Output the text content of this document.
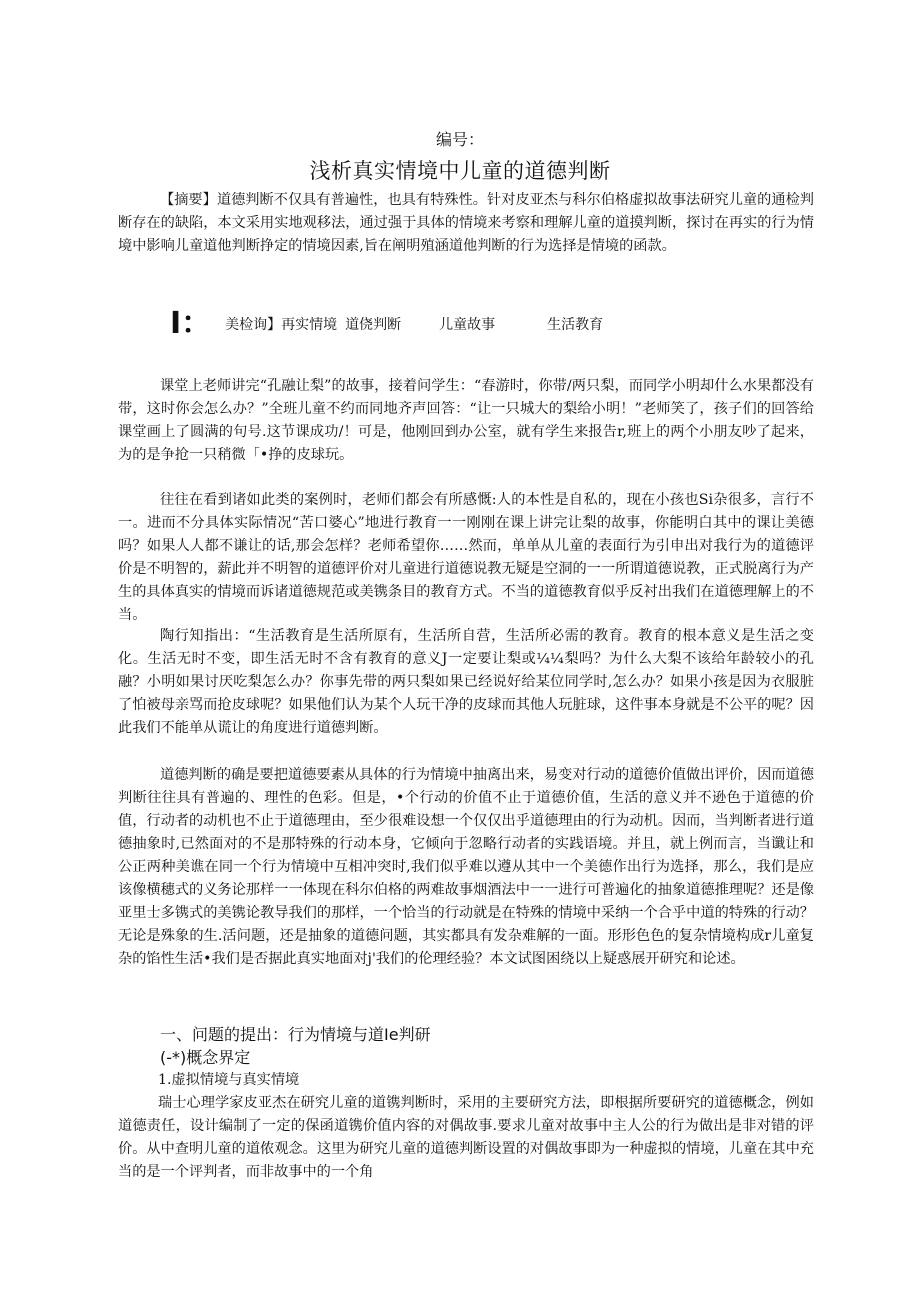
编号：
浅析真实情境中儿童的道德判断

【摘要】道德判断不仅具有普遍性，也具有特殊性。针对皮亚杰与科尔伯格虚拟故事法研究儿童的通检判断存在的缺陷，本文采用实地观移法，通过强于具体的情境来考察和理解儿童的道摸判断，探讨在再实的行为情境中影响儿童道他判断挣定的情境因素,旨在阐明殖涵道他判断的行为选择是情境的函款。

I： 美检询】再实情境 道侥判断	儿童故事	生活教育

课堂上老师讲完“孔融让梨”的故事，接着问学生：“春游时，你带/两只梨，而同学小明却什么水果都没有带，这时你会怎么办？”全班儿童不约而同地齐声回答：“让一只城大的梨给小明！”老师笑了，孩子们的回答给课堂画上了圆满的句号.这节课成功/！可是，他刚回到办公室，就有学生来报告r,班上的两个小朋友吵了起来，为的是争抢一只稍微「•挣的皮球玩。

往往在看到诸如此类的案例时，老师们都会有所感慨:人的本性是自私的，现在小孩也Si杂很多，言行不一。进而不分具体实际情况“苦口婆心”地进行教育一一刚刚在课上讲完让梨的故事，你能明白其中的课让美德吗？如果人人都不谦让的话,那会怎样？老师希望你……然而，单单从儿童的表面行为引申出对我行为的道德评价是不明智的，薪此并不明智的道德评价对儿童进行道德说教无疑是空洞的一一所谓道德说教，正式脱离行为产生的具体真实的情境而诉诸道德规范或美镌条目的教育方式。不当的道德教育似乎反衬出我们在道德理解上的不当。

陶行知指出：“生活教育是生活所原有，生活所自营，生活所必需的教育。教育的根本意义是生活之变化。生活无时不变，即生活无时不含有教育的意义J一定要让梨或¼¼梨吗？为什么大梨不该给年龄较小的孔融？小明如果讨厌吃梨怎么办？你事先带的两只梨如果已经说好给某位同学时,怎么办？如果小孩是因为衣服脏了怕被母亲骂而抢皮球呢？如果他们认为某个人玩干净的皮球而其他人玩脏球，这件事本身就是不公平的呢？因此我们不能单从谎让的角度进行道德判断。

道德判断的确是要把道德要素从具体的行为情境中抽离出来，易变对行动的道德价值做出评价，因而道德判断往往具有普遍的、理性的色彩。但是，•个行动的价值不止于道德价值，生活的意义并不逊色于道德的价值，行动者的动机也不止于道德理由，至少很难设想一个仅仅出乎道德理由的行为动机。因而，当判断者进行道德抽象时,已然面对的不是那特殊的行动本身，它倾向于忽略行动者的实践语境。并且，就上例而言，当谶让和公正两种美谯在同一个行为情境中互相冲突时,我们似乎难以遵从其中一个美德作出行为选择，那么，我们是应该像横穗式的义务论那样一一体现在科尔伯格的两难故事烟酒法中一一进行可普遍化的抽象道德推理呢？还是像亚里士多镌式的美镌论教导我们的那样，一个恰当的行动就是在特殊的情境中采纳一个合乎中道的特殊的行动？无论是殊象的生.活问题，还是抽象的道德问题，其实都具有发杂难解的一面。形形色色的复杂情境构成r儿童复杂的馅性生活•我们是否据此真实地面对j'我们的伦理经验？本文试图困绕以上疑惑展开研究和论述。

一、问题的提出：行为情境与道Ie判研
(-*)概念界定
1.虚拟情境与真实情境

瑞士心理学家皮亚杰在研究儿童的道镌判断时，采用的主要研究方法，即根据所要研究的道德概念，例如道德责任，设计编制了一定的保函道镌价值内容的对偶故事.要求儿童对故事中主人公的行为做出是非对错的评价。从中查明儿童的道侬观念。这里为研究儿童的道德判断设置的对偶故事即为一种虚拟的情境，儿童在其中充当的是一个评判者，而非故事中的一个角
